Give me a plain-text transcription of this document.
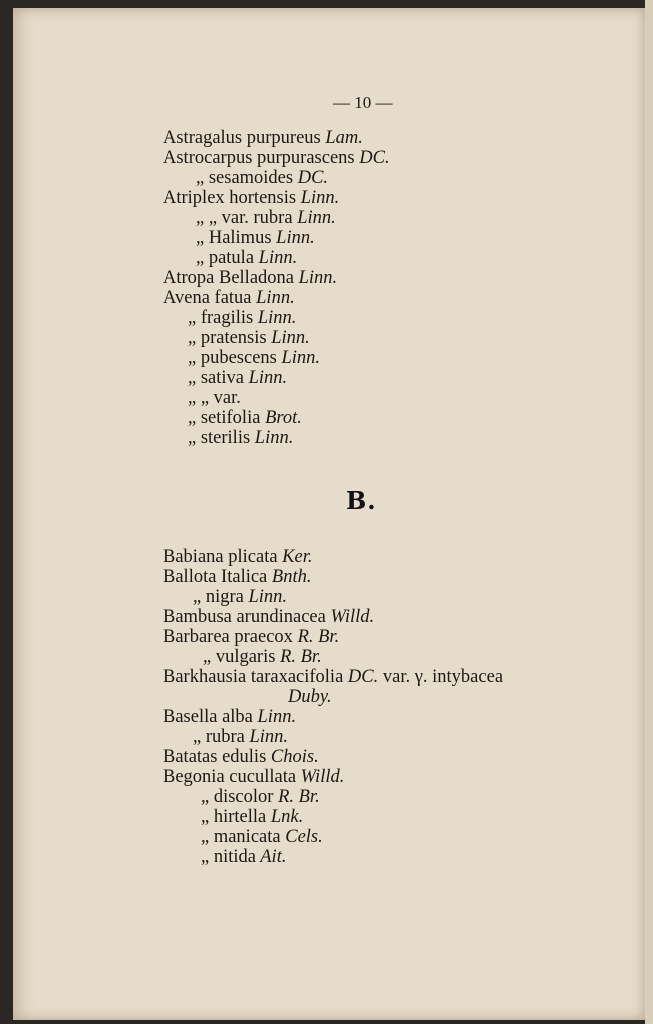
— 10 —
B.
Astragalus purpureus Lam.
Astrocarpus purpurascens DC.
„ sesamoides DC.
Atriplex hortensis Linn.
„ „ var. rubra Linn.
„ Halimus Linn.
„ patula Linn.
Atropa Belladona Linn.
Avena fatua Linn.
„ fragilis Linn.
„ pratensis Linn.
„ pubescens Linn.
„ sativa Linn.
„ „ var.
„ setifolia Brot.
„ sterilis Linn.
Babiana plicata Ker.
Ballota Italica Bnth.
„ nigra Linn.
Bambusa arundinacea Willd.
Barbarea praecox R. Br.
„ vulgaris R. Br.
Barkhausia taraxacifolia DC. var. γ. intybacea
Duby.
Basella alba Linn.
„ rubra Linn.
Batatas edulis Chois.
Begonia cucullata Willd.
„ discolor R. Br.
„ hirtella Lnk.
„ manicata Cels.
„ nitida Ait.
